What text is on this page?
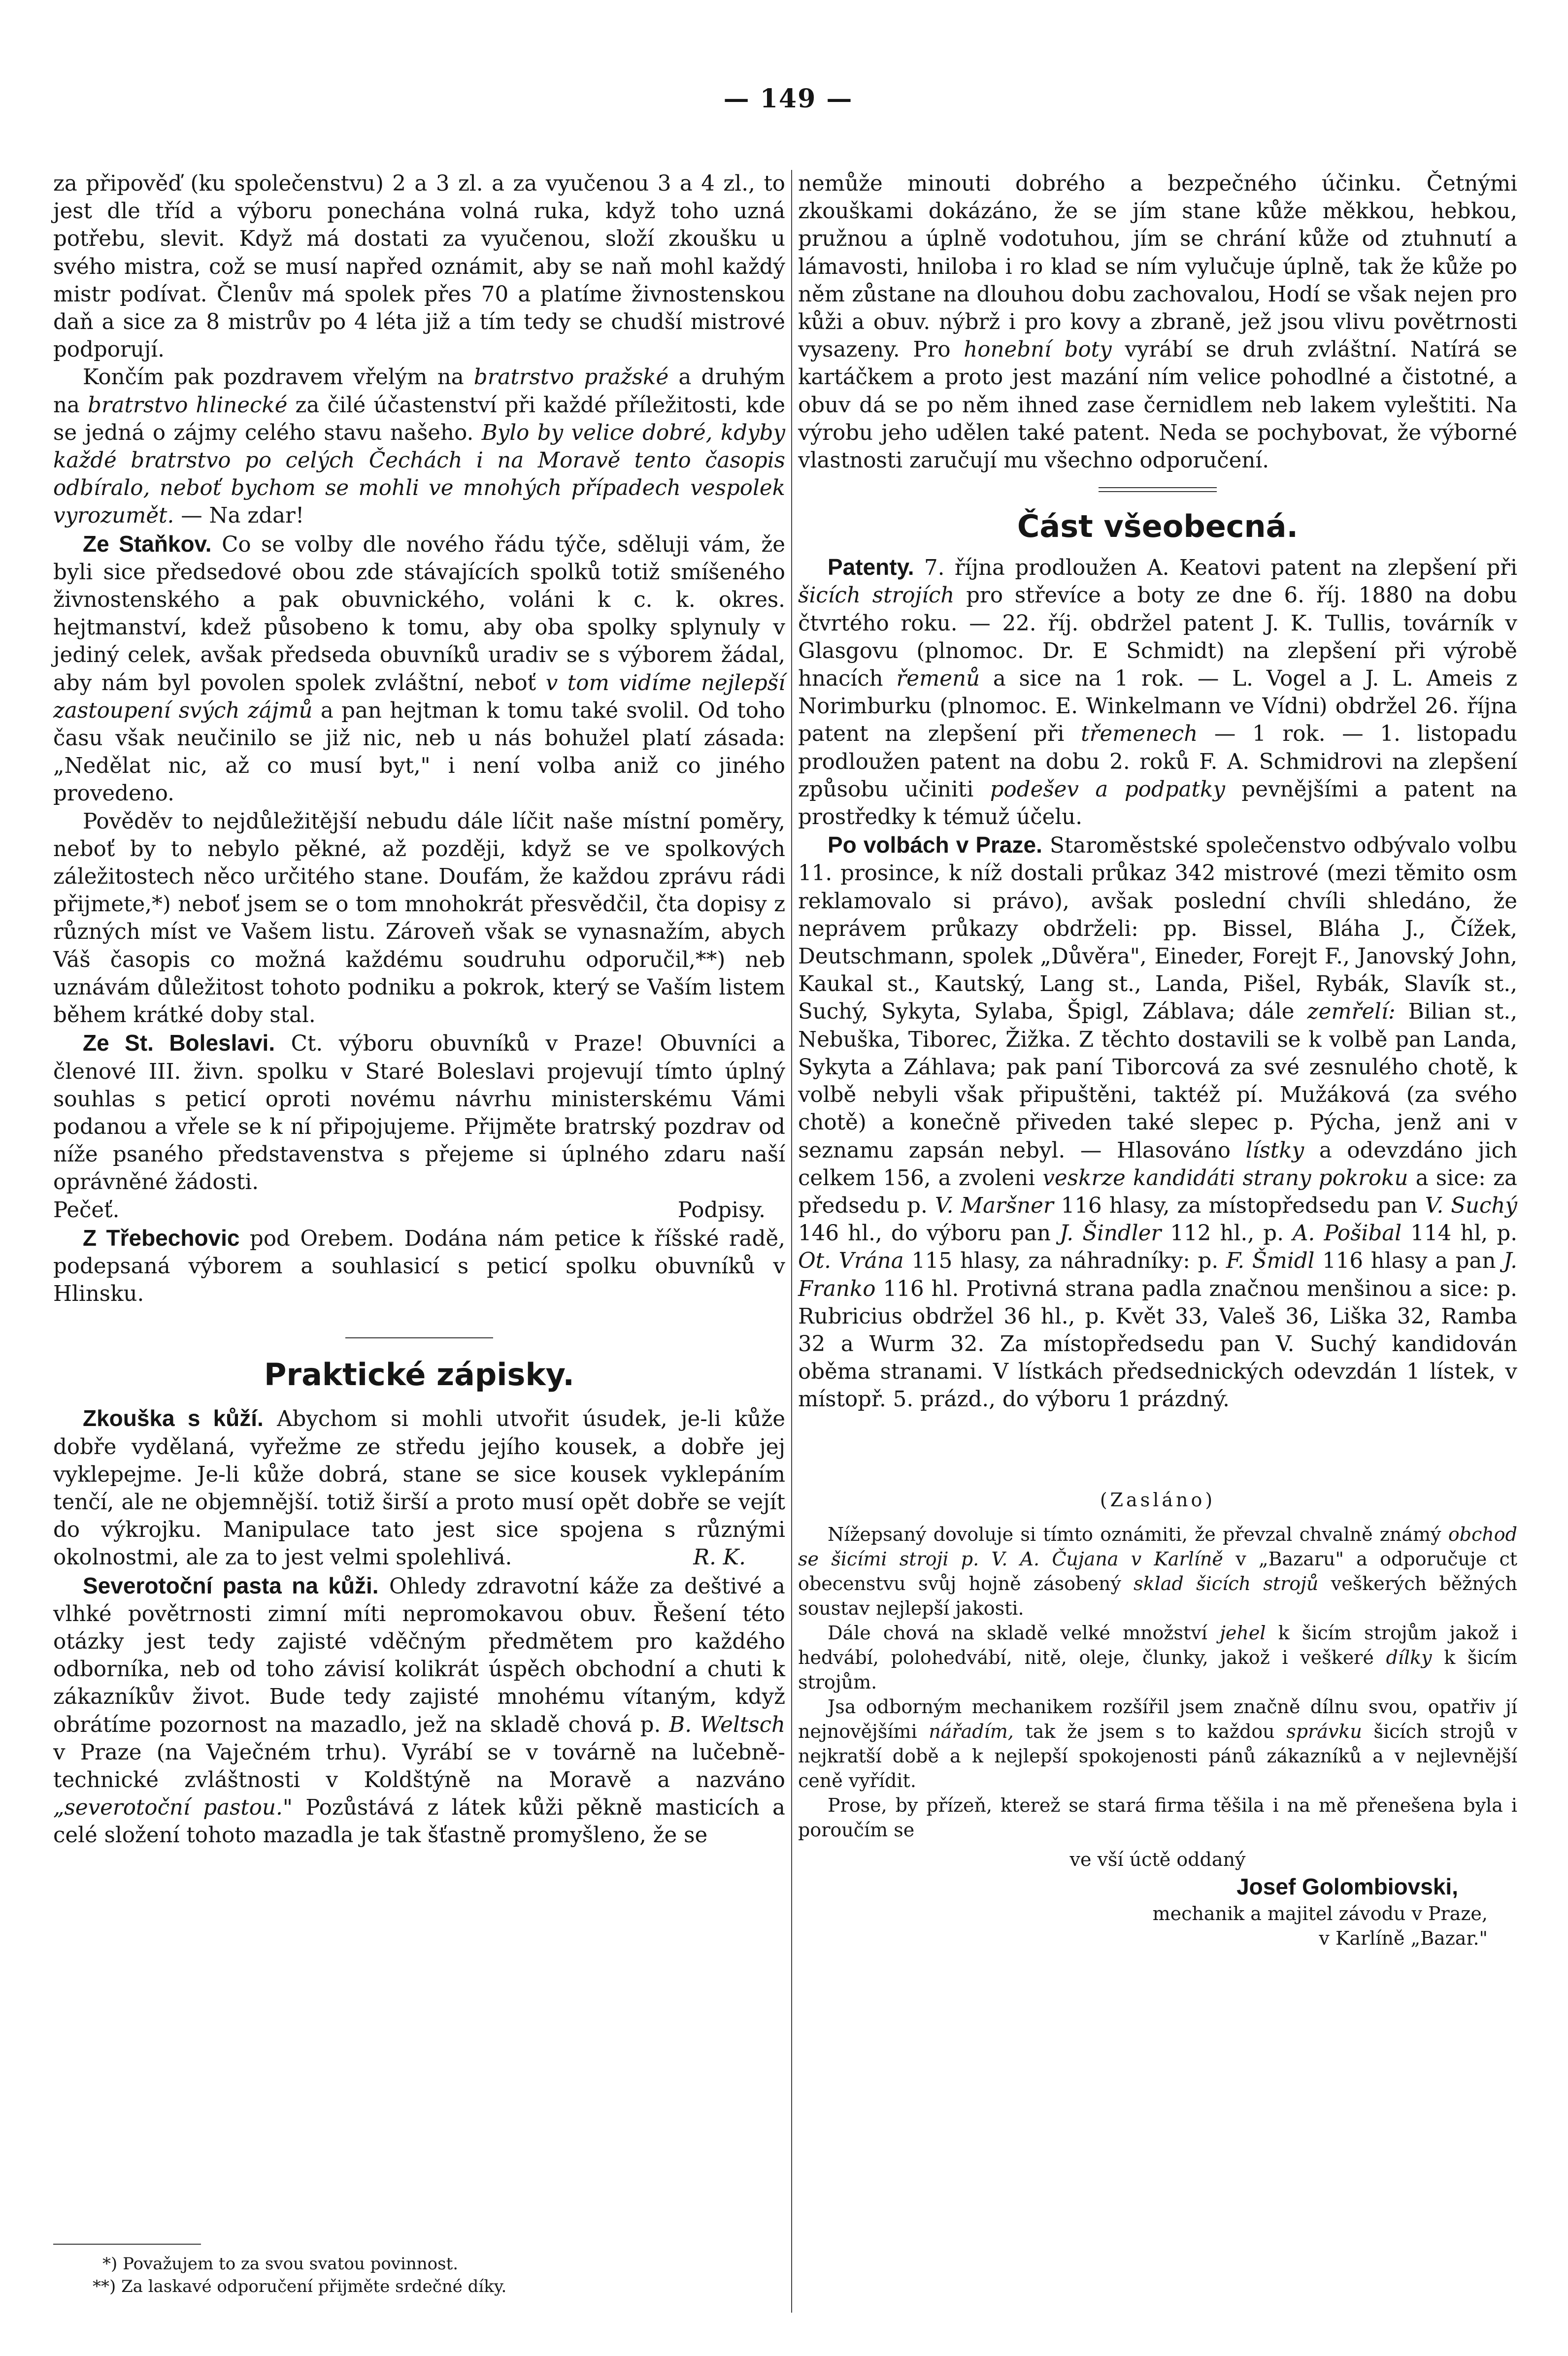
— 149 —

za připověď (ku společenstvu) 2 a 3 zl. a za vyučenou 3 a 4 zl., to jest dle tříd a výboru ponechána volná ruka, když toho uzná potřebu, slevit. Když má dostati za vyučenou, složí zkoušku u svého mistra, což se musí napřed oznámit, aby se naň mohl každý mistr podívat. Členův má spolek přes 70 a platíme živnostenskou daň a sice za 8 mistrův po 4 léta již a tím tedy se chudší mistrové podporují.

Končím pak pozdravem vřelým na bratrstvo pražské a druhým na bratrstvo hlinecké za čilé účastenství při každé příležitosti, kde se jedná o zájmy celého stavu našeho. Bylo by velice dobré, kdyby každé bratrstvo po celých Čechách i na Moravě tento časopis odbíralo, neboť bychom se mohli ve mnohých případech vespolek vyrozumět. — Na zdar!

Ze Staňkov. Co se volby dle nového řádu týče, sděluji vám, že byli sice předsedové obou zde stávajících spolků totiž smíšeného živnostenského a pak obuvnického, voláni k c. k. okres. hejtmanství, kdež působeno k tomu, aby oba spolky splynuly v jediný celek, avšak předseda obuvníků uradiv se s výborem žádal, aby nám byl povolen spolek zvláštní, neboť v tom vidíme nejlepší zastoupení svých zájmů a pan hejtman k tomu také svolil. Od toho času však neučinilo se již nic, neb u nás bohužel platí zásada: „Nedělat nic, až co musí byt," i není volba aniž co jiného provedeno.

Pověděv to nejdůležitější nebudu dále líčit naše místní poměry, neboť by to nebylo pěkné, až později, když se ve spolkových záležitostech něco určitého stane. Doufám, že každou zprávu rádi přijmete,*) neboť jsem se o tom mnohokrát přesvědčil, čta dopisy z různých míst ve Vašem listu. Zároveň však se vynasnažím, abych Váš časopis co možná každému soudruhu odporučil,**) neb uznávám důležitost tohoto podniku a pokrok, který se Vaším listem během krátké doby stal.

Ze St. Boleslavi. Ct. výboru obuvníků v Praze! Obuvníci a členové III. živn. spolku v Staré Boleslavi projevují tímto úplný souhlas s peticí oproti novému návrhu ministerskému Vámi podanou a vřele se k ní připojujeme. Přijměte bratrský pozdrav od níže psaného představenstva s přejeme si úplného zdaru naší oprávněné žádosti.

Pečeť.	Podpisy.

Z Třebechovic pod Orebem. Dodána nám petice k říšské radě, podepsaná výborem a souhlasicí s peticí spolku obuvníků v Hlinsku.

Praktické zápisky.

Zkouška s kůží. Abychom si mohli utvořit úsudek, je-li kůže dobře vydělaná, vyřežme ze středu jejího kousek, a dobře jej vyklepejme. Je-li kůže dobrá, stane se sice kousek vyklepáním tenčí, ale ne objemnější. totiž širší a proto musí opět dobře se vejít do výkrojku. Manipulace tato jest sice spojena s různými okolnostmi, ale za to jest velmi spolehlivá.	R. K.

Severotoční pasta na kůži. Ohledy zdravotní káže za deštivé a vlhké povětrnosti zimní míti nepromokavou obuv. Řešení této otázky jest tedy zajisté vděčným předmětem pro každého odborníka, neb od toho závisí kolikrát úspěch obchodní a chuti k zákazníkův život. Bude tedy zajisté mnohému vítaným, když obrátíme pozornost na mazadlo, jež na skladě chová p. B. Weltsch v Praze (na Vaječném trhu). Vyrábí se v továrně na lučebně-technické zvláštnosti v Koldštýně na Moravě a nazváno „severotoční pastou." Pozůstává z látek kůži pěkně masticích a celé složení tohoto mazadla je tak šťastně promyšleno, že se

*) Považujem to za svou svatou povinnost.
**) Za laskavé odporučení přijměte srdečné díky.

nemůže minouti dobrého a bezpečného účinku. Četnými zkouškami dokázáno, že se jím stane kůže měkkou, hebkou, pružnou a úplně vodotuhou, jím se chrání kůže od ztuhnutí a lámavosti, hniloba i ro klad se ním vylučuje úplně, tak že kůže po něm zůstane na dlouhou dobu zachovalou, Hodí se však nejen pro kůži a obuv. nýbrž i pro kovy a zbraně, jež jsou vlivu povětrnosti vysazeny. Pro honební boty vyrábí se druh zvláštní. Natírá se kartáčkem a proto jest mazání ním velice pohodlné a čistotné, a obuv dá se po něm ihned zase černidlem neb lakem vyleštiti. Na výrobu jeho udělen také patent. Neda se pochybovat, že výborné vlastnosti zaručují mu všechno odporučení.

Část všeobecná.

Patenty. 7. října prodloužen A. Keatovi patent na zlepšení při šicích strojích pro střevíce a boty ze dne 6. říj. 1880 na dobu čtvrtého roku. — 22. říj. obdržel patent J. K. Tullis, továrník v Glasgovu (plnomoc. Dr. E Schmidt) na zlepšení při výrobě hnacích řemenů a sice na 1 rok. — L. Vogel a J. L. Ameis z Norimburku (plnomoc. E. Winkelmann ve Vídni) obdržel 26. října patent na zlepšení při třemenech — 1 rok. — 1. listopadu prodloužen patent na dobu 2. roků F. A. Schmidrovi na zlepšení způsobu učiniti podešev a podpatky pevnějšími a patent na prostředky k témuž účelu.

Po volbách v Praze. Staroměstské společenstvo odbývalo volbu 11. prosince, k níž dostali průkaz 342 mistrové (mezi těmito osm reklamovalo si právo), avšak poslední chvíli shledáno, že neprávem průkazy obdrželi: pp. Bissel, Bláha J., Čížek, Deutschmann, spolek „Důvěra", Eineder, Forejt F., Janovský John, Kaukal st., Kautský, Lang st., Landa, Pišel, Rybák, Slavík st., Suchý, Sykyta, Sylaba, Špigl, Záblava; dále zemřelí: Bilian st., Nebuška, Tiborec, Žižka. Z těchto dostavili se k volbě pan Landa, Sykyta a Záhlava; pak paní Tiborcová za své zesnulého chotě, k volbě nebyli však připuštěni, taktéž pí. Mužáková (za svého chotě) a konečně přiveden také slepec p. Pýcha, jenž ani v seznamu zapsán nebyl. — Hlasováno lístky a odevzdáno jich celkem 156, a zvoleni veskrze kandidáti strany pokroku a sice: za předsedu p. V. Maršner 116 hlasy, za místopředsedu pan V. Suchý 146 hl., do výboru pan J. Šindler 112 hl., p. A. Pošibal 114 hl, p. Ot. Vrána 115 hlasy, za náhradníky: p. F. Šmidl 116 hlasy a pan J. Franko 116 hl. Protivná strana padla značnou menšinou a sice: p. Rubricius obdržel 36 hl., p. Květ 33, Valeš 36, Liška 32, Ramba 32 a Wurm 32. Za místopředsedu pan V. Suchý kandidován oběma stranami. V lístkách předsednických odevzdán 1 lístek, v místopř. 5. prázd., do výboru 1 prázdný.

(Zasláno)

Nížepsaný dovoluje si tímto oznámiti, že převzal chvalně známý obchod se šicími stroji p. V. A. Čujana v Karlíně v „Bazaru" a odporučuje ct obecenstvu svůj hojně zásobený sklad šicích strojů veškerých běžných soustav nejlepší jakosti.

Dále chová na skladě velké množství jehel k šicím strojům jakož i hedvábí, polohedvábí, nitě, oleje, člunky, jakož i veškeré dílky k šicím strojům.

Jsa odborným mechanikem rozšířil jsem značně dílnu svou, opatřiv jí nejnovějšími nářadím, tak že jsem s to každou správku šicích strojů v nejkratší době a k nejlepší spokojenosti pánů zákazníků a v nejlevnější ceně vyřídit.

Prose, by přízeň, kterež se stará firma těšila i na mě přenešena byla i poroučím se

ve vší úctě oddaný

Josef Golombiovski,
mechanik a majitel závodu v Praze,
v Karlíně „Bazar."
